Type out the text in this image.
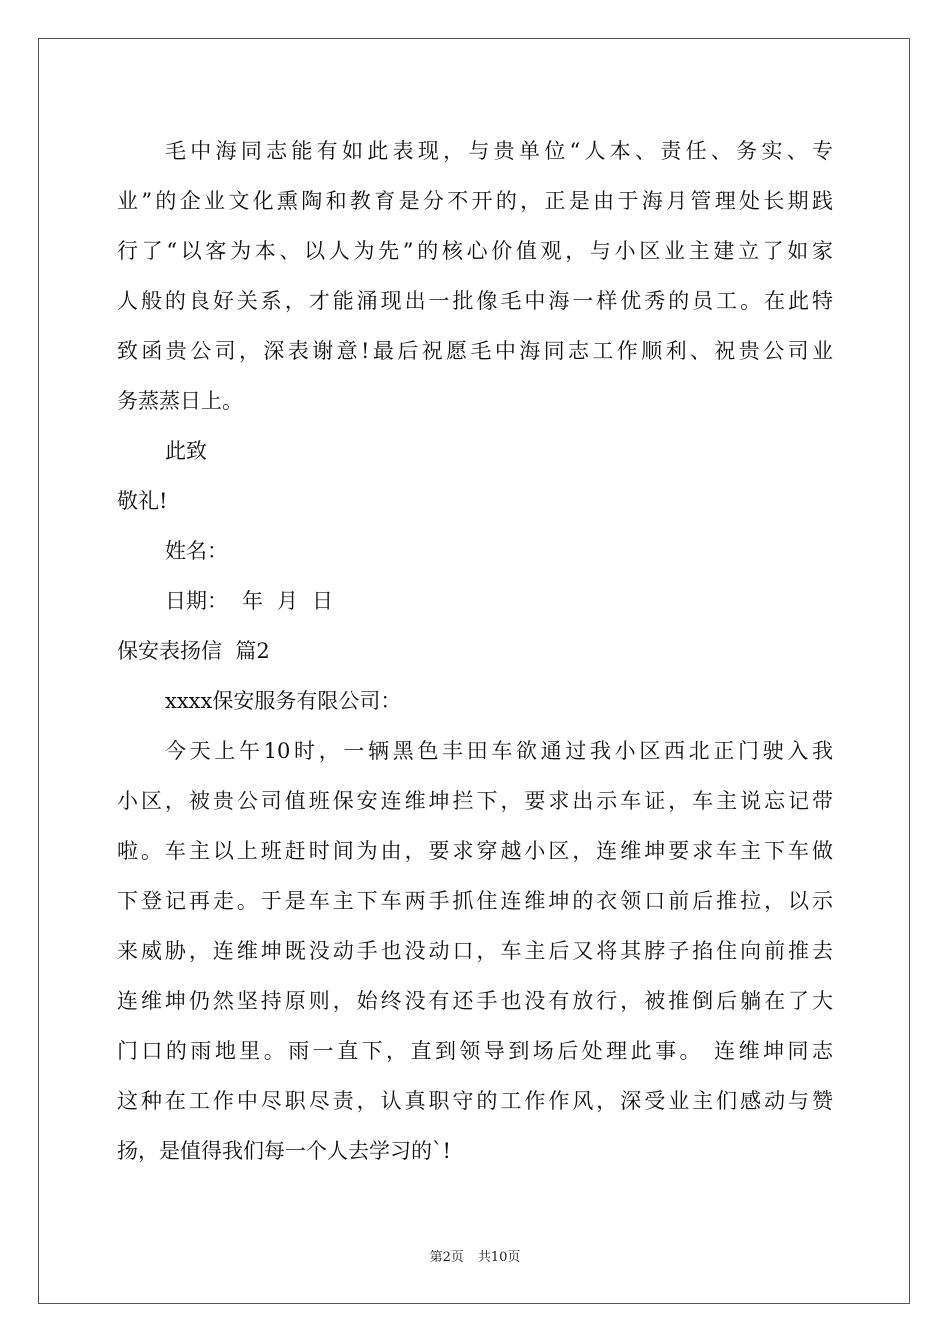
毛中海同志能有如此表现，与贵单位“人本、责任、务实、专
业”的企业文化熏陶和教育是分不开的，正是由于海月管理处长期践
行了“以客为本、以人为先”的核心价值观，与小区业主建立了如家
人般的良好关系，才能涌现出一批像毛中海一样优秀的员工。在此特
致函贵公司，深表谢意!最后祝愿毛中海同志工作顺利、祝贵公司业
务蒸蒸日上。
此致
敬礼!
姓名：
日期： 年 月 日
保安表扬信  篇2
xxxx保安服务有限公司：
今天上午10时，一辆黑色丰田车欲通过我小区西北正门驶入我
小区，被贵公司值班保安连维坤拦下，要求出示车证，车主说忘记带
啦。车主以上班赶时间为由，要求穿越小区，连维坤要求车主下车做
下登记再走。于是车主下车两手抓住连维坤的衣领口前后推拉，以示
来威胁，连维坤既没动手也没动口，车主后又将其脖子掐住向前推去
连维坤仍然坚持原则，始终没有还手也没有放行，被推倒后躺在了大
门口的雨地里。雨一直下，直到领导到场后处理此事。 连维坤同志
这种在工作中尽职尽责，认真职守的工作作风，深受业主们感动与赞
扬，是值得我们每一个人去学习的`!
第2页 共10页
